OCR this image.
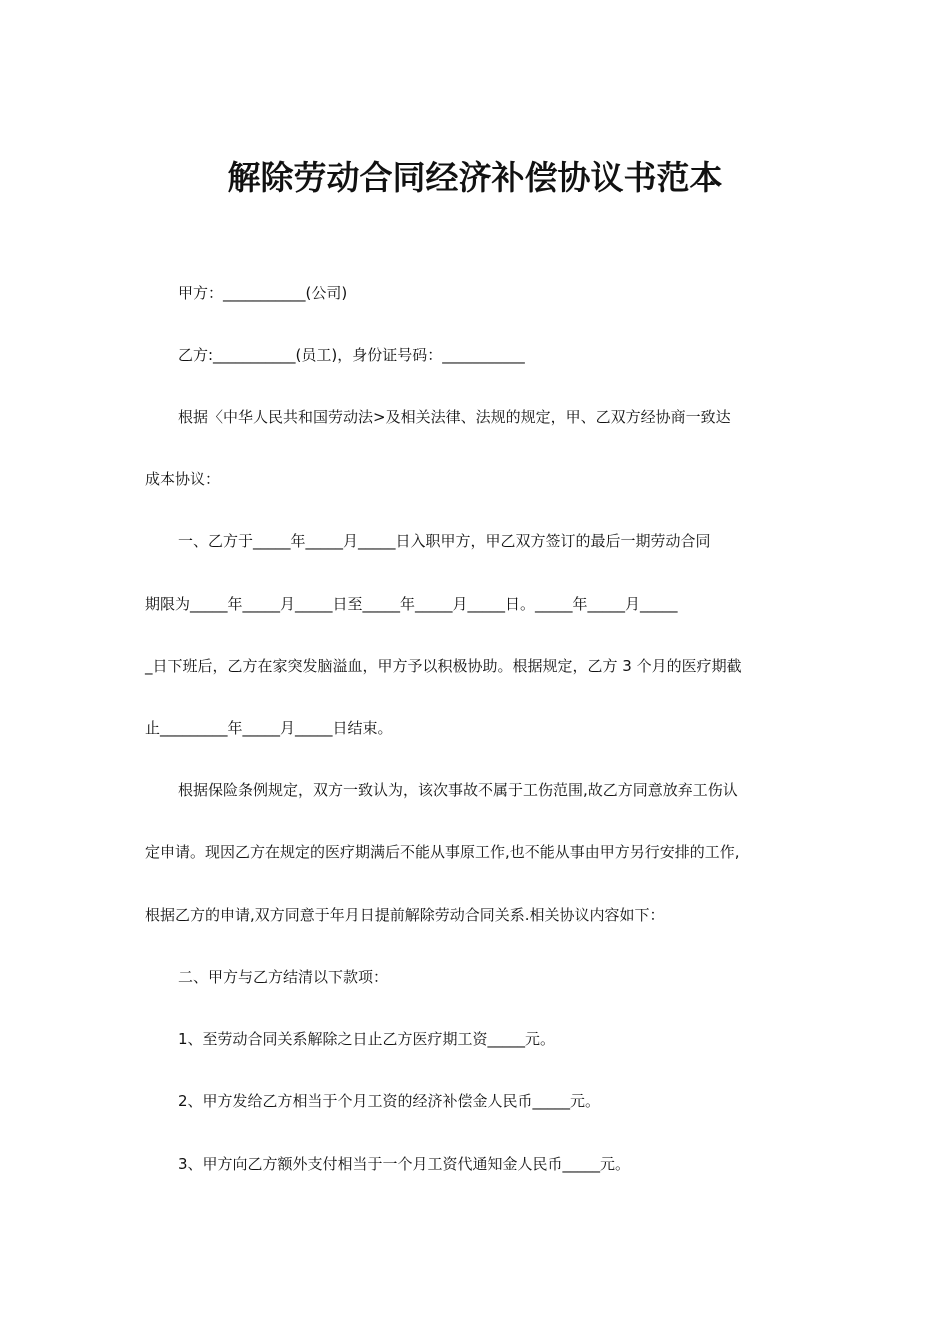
解除劳动合同经济补偿协议书范本
甲方：___________(公司)
乙方:___________(员工)，身份证号码：___________
根据〈中华人民共和国劳动法>及相关法律、法规的规定，甲、乙双方经协商一致达
成本协议：
一、乙方于_____年_____月_____日入职甲方，甲乙双方签订的最后一期劳动合同
期限为_____年_____月_____日至_____年_____月_____日。_____年_____月_____
_日下班后，乙方在家突发脑溢血，甲方予以积极协助。根据规定，乙方 3 个月的医疗期截
止_________年_____月_____日结束。
根据保险条例规定，双方一致认为，该次事故不属于工伤范围,故乙方同意放弃工伤认
定申请。现因乙方在规定的医疗期满后不能从事原工作,也不能从事由甲方另行安排的工作,
根据乙方的申请,双方同意于年月日提前解除劳动合同关系.相关协议内容如下：
二、甲方与乙方结清以下款项：
1、至劳动合同关系解除之日止乙方医疗期工资_____元。
2、甲方发给乙方相当于个月工资的经济补偿金人民币_____元。
3、甲方向乙方额外支付相当于一个月工资代通知金人民币_____元。
